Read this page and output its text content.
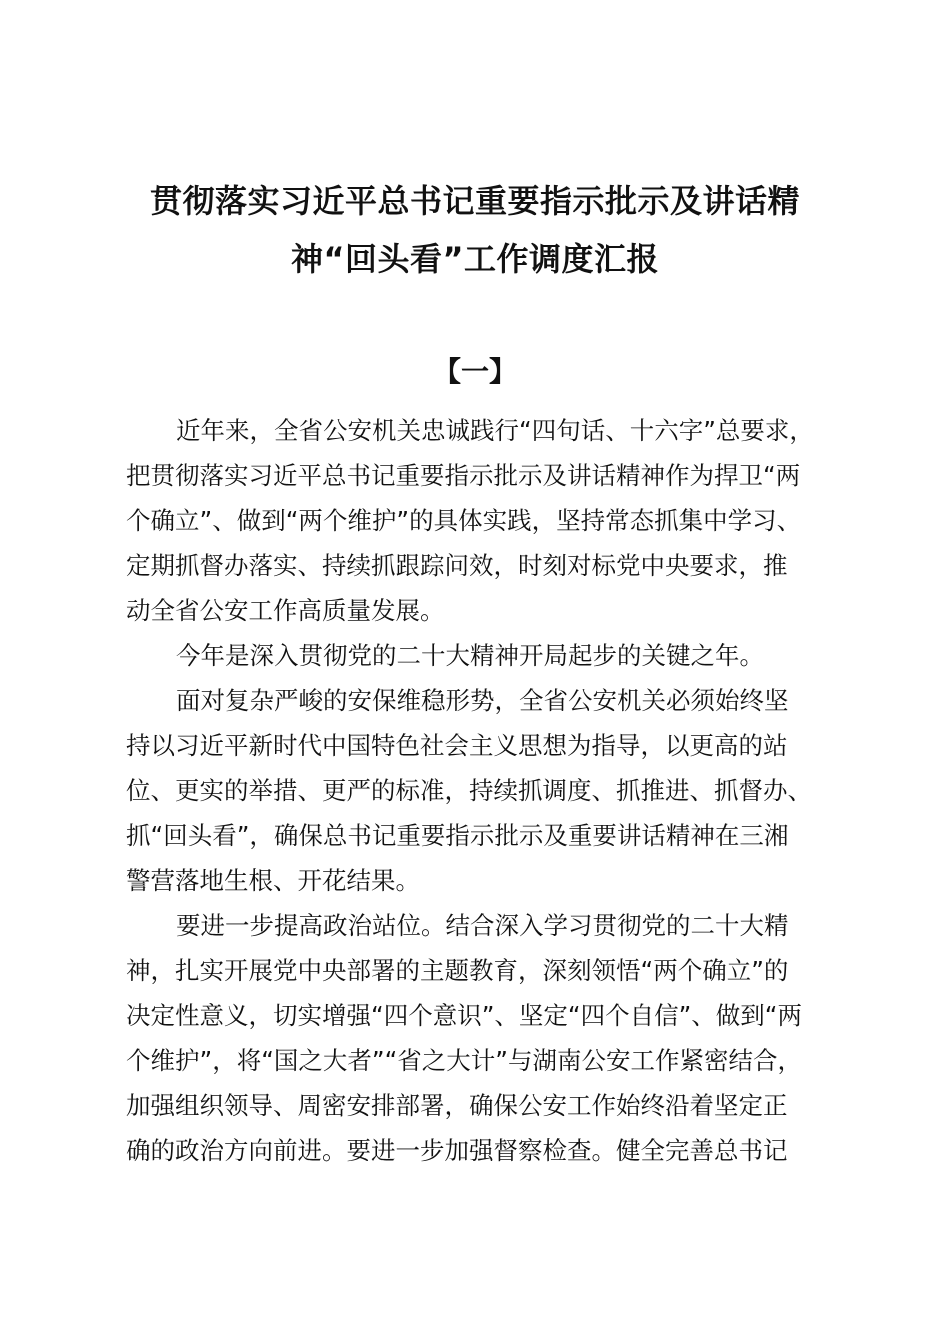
贯彻落实习近平总书记重要指示批示及讲话精
神“回头看”工作调度汇报
【一】
近年来，全省公安机关忠诚践行“四句话、十六字”总要求，
把贯彻落实习近平总书记重要指示批示及讲话精神作为捍卫“两
个确立”、做到“两个维护”的具体实践，坚持常态抓集中学习、
定期抓督办落实、持续抓跟踪问效，时刻对标党中央要求，推
动全省公安工作高质量发展。
今年是深入贯彻党的二十大精神开局起步的关键之年。
面对复杂严峻的安保维稳形势，全省公安机关必须始终坚
持以习近平新时代中国特色社会主义思想为指导，以更高的站
位、更实的举措、更严的标准，持续抓调度、抓推进、抓督办、
抓“回头看”，确保总书记重要指示批示及重要讲话精神在三湘
警营落地生根、开花结果。
要进一步提高政治站位。结合深入学习贯彻党的二十大精
神，扎实开展党中央部署的主题教育，深刻领悟“两个确立”的
决定性意义，切实增强“四个意识”、坚定“四个自信”、做到“两
个维护”，将“国之大者”“省之大计”与湖南公安工作紧密结合，
加强组织领导、周密安排部署，确保公安工作始终沿着坚定正
确的政治方向前进。要进一步加强督察检查。健全完善总书记
